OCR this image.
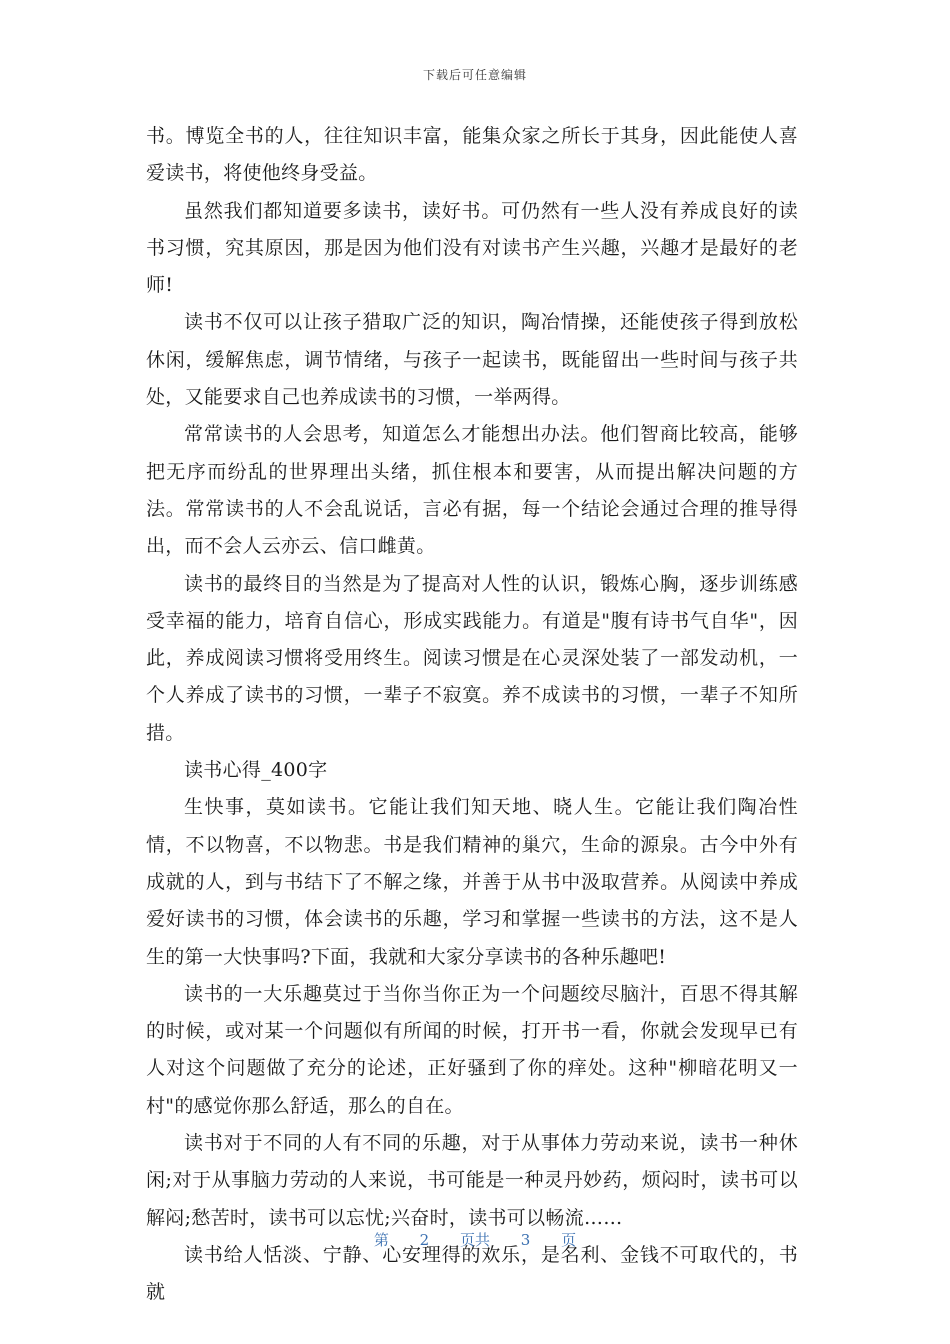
下载后可任意编辑

书。博览全书的人，往往知识丰富，能集众家之所长于其身，因此能使人喜爱读书，将使他终身受益。

虽然我们都知道要多读书，读好书。可仍然有一些人没有养成良好的读书习惯，究其原因，那是因为他们没有对读书产生兴趣，兴趣才是最好的老师!

读书不仅可以让孩子猎取广泛的知识，陶冶情操，还能使孩子得到放松休闲，缓解焦虑，调节情绪，与孩子一起读书，既能留出一些时间与孩子共处，又能要求自己也养成读书的习惯，一举两得。

常常读书的人会思考，知道怎么才能想出办法。他们智商比较高，能够把无序而纷乱的世界理出头绪，抓住根本和要害，从而提出解决问题的方法。常常读书的人不会乱说话，言必有据，每一个结论会通过合理的推导得出，而不会人云亦云、信口雌黄。

读书的最终目的当然是为了提高对人性的认识，锻炼心胸，逐步训练感受幸福的能力，培育自信心，形成实践能力。有道是"腹有诗书气自华"，因此，养成阅读习惯将受用终生。阅读习惯是在心灵深处装了一部发动机，一个人养成了读书的习惯，一辈子不寂寞。养不成读书的习惯，一辈子不知所措。

读书心得_400字

生快事，莫如读书。它能让我们知天地、晓人生。它能让我们陶冶性情，不以物喜，不以物悲。书是我们精神的巢穴，生命的源泉。古今中外有成就的人，到与书结下了不解之缘，并善于从书中汲取营养。从阅读中养成爱好读书的习惯，体会读书的乐趣，学习和掌握一些读书的方法，这不是人生的第一大快事吗?下面，我就和大家分享读书的各种乐趣吧!

读书的一大乐趣莫过于当你当你正为一个问题绞尽脑汁，百思不得其解的时候，或对某一个问题似有所闻的时候，打开书一看，你就会发现早已有人对这个问题做了充分的论述，正好骚到了你的痒处。这种"柳暗花明又一村"的感觉你那么舒适，那么的自在。

读书对于不同的人有不同的乐趣，对于从事体力劳动来说，读书一种休闲;对于从事脑力劳动的人来说，书可能是一种灵丹妙药，烦闷时，读书可以解闷;愁苦时，读书可以忘忧;兴奋时，读书可以畅流……

读书给人恬淡、宁静、心安理得的欢乐，是名利、金钱不可取代的，书就

第 2 页共 3 页
